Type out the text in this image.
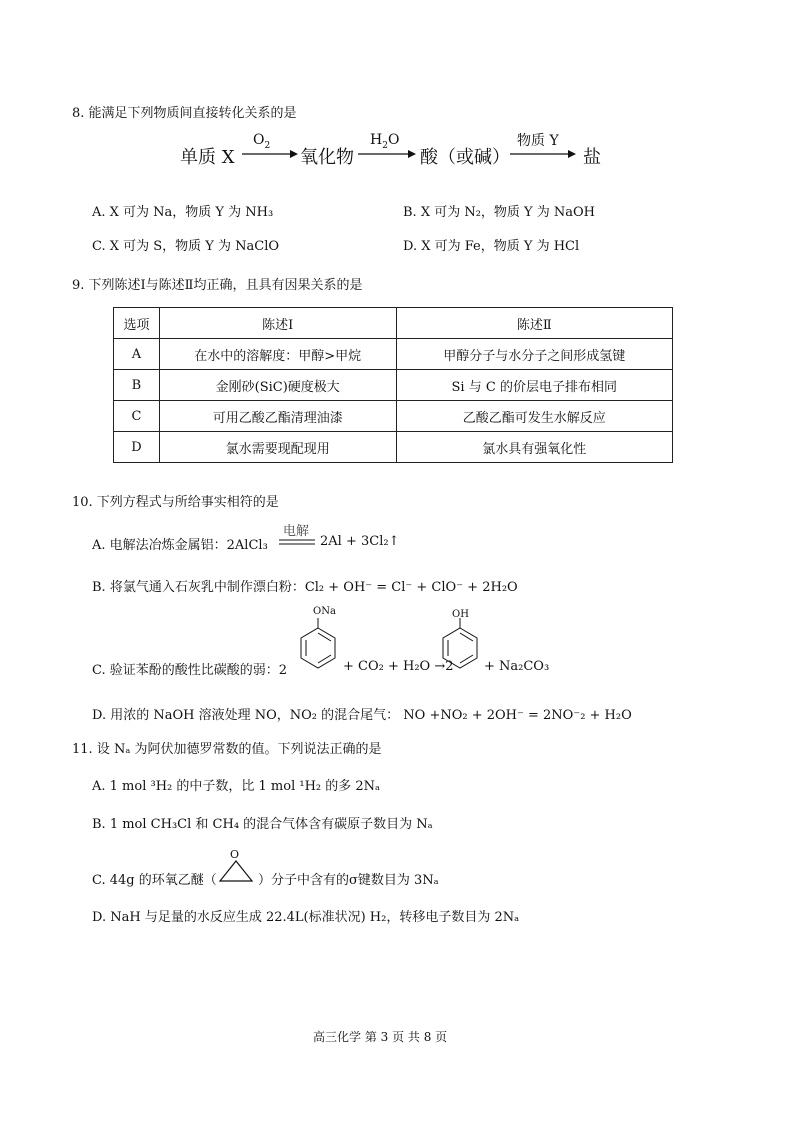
8. 能满足下列物质间直接转化关系的是
单质 X
$O_2$
氧化物
$H_2O$
酸（或碱）
物质 Y
盐
A. X 可为 Na，物质 Y 为 NH₃	B. X 可为 N₂，物质 Y 为 NaOH
C. X 可为 S，物质 Y 为 NaClO	D. X 可为 Fe，物质 Y 为 HCl
9. 下列陈述Ⅰ与陈述Ⅱ均正确，且具有因果关系的是
选项	陈述Ⅰ	陈述Ⅱ
A	在水中的溶解度：甲醇>甲烷	甲醇分子与水分子之间形成氢键
B	金刚砂(SiC)硬度极大	Si 与 C 的价层电子排布相同
C	可用乙酸乙酯清理油漆	乙酸乙酯可发生水解反应
D	氯水需要现配现用	氯水具有强氧化性
10. 下列方程式与所给事实相符的是
A. 电解法冶炼金属铝：2AlCl₃
电解
2Al + 3Cl₂↑
B. 将氯气通入石灰乳中制作漂白粉：Cl₂ + OH⁻ = Cl⁻ + ClO⁻ + 2H₂O
C. 验证苯酚的酸性比碳酸的弱：2
ONa
+ CO₂ + H₂O →2
OH
+ Na₂CO₃
D. 用浓的 NaOH 溶液处理 NO，NO₂ 的混合尾气： NO +NO₂ + 2OH⁻ = 2NO⁻₂ + H₂O
11. 设 Nₐ 为阿伏加德罗常数的值。下列说法正确的是
A. 1 mol ³H₂ 的中子数，比 1 mol ¹H₂ 的多 2Nₐ
B. 1 mol CH₃Cl 和 CH₄ 的混合气体含有碳原子数目为 Nₐ
C. 44g 的环氧乙醚（
O
）分子中含有的σ键数目为 3Nₐ
D. NaH 与足量的水反应生成 22.4L(标准状况) H₂，转移电子数目为 2Nₐ
高三化学 第 3 页 共 8 页
